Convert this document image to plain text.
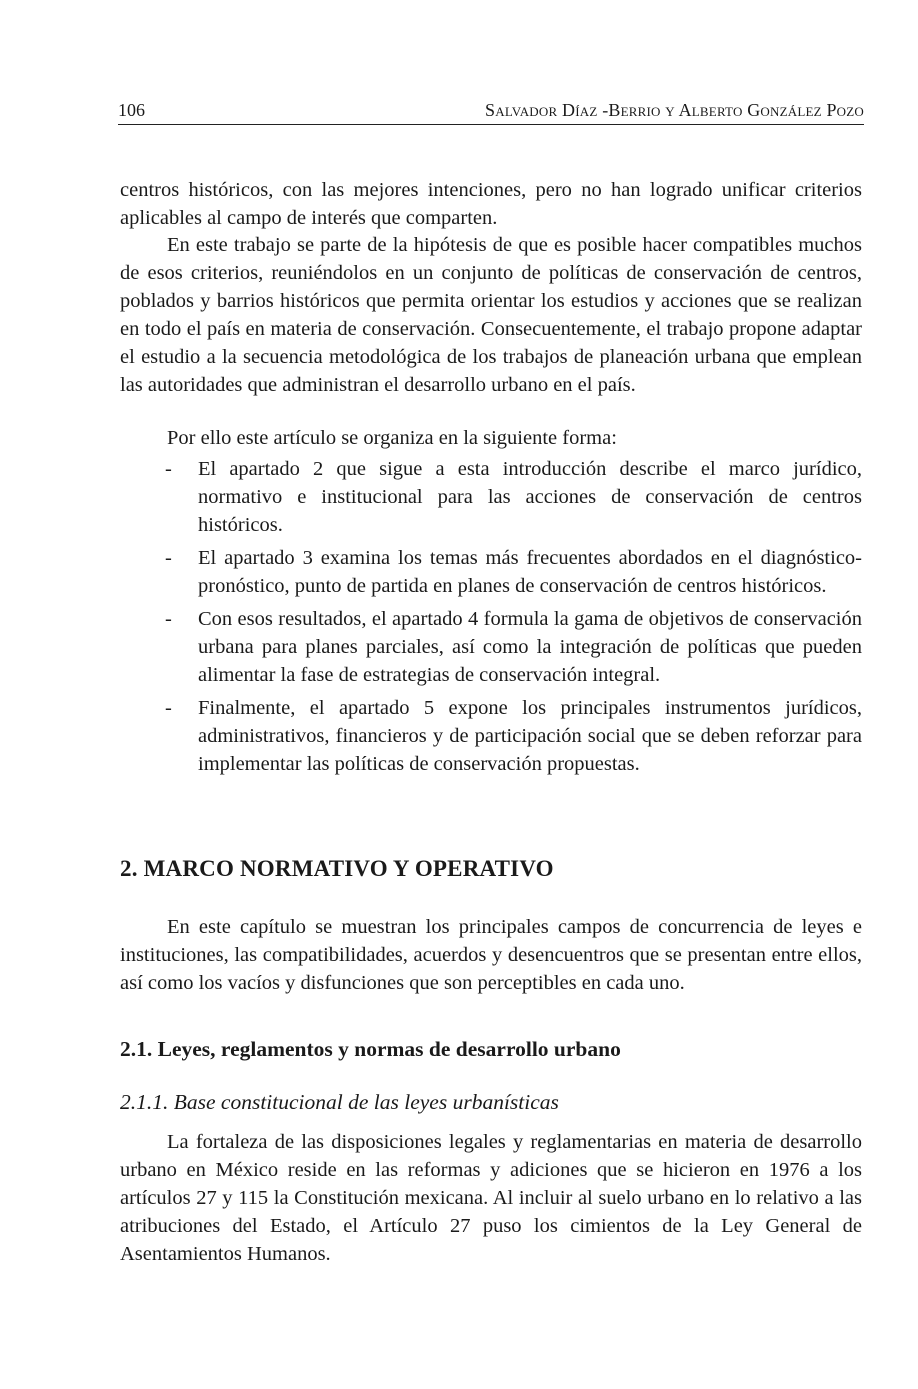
106	Salvador Díaz -Berrio y Alberto González Pozo

centros históricos, con las mejores intenciones, pero no han logrado unificar criterios aplicables al campo de interés que comparten.

En este trabajo se parte de la hipótesis de que es posible hacer compatibles muchos de esos criterios, reuniéndolos en un conjunto de políticas de conservación de centros, poblados y barrios históricos que permita orientar los estudios y acciones que se realizan en todo el país en materia de conservación. Consecuentemente, el trabajo propone adaptar el estudio a la secuencia metodológica de los trabajos de planeación urbana que emplean las autoridades que administran el desarrollo urbano en el país.

Por ello este artículo se organiza en la siguiente forma:

- El apartado 2 que sigue a esta introducción describe el marco jurídico, normativo e institucional para las acciones de conservación de centros históricos.
- El apartado 3 examina los temas más frecuentes abordados en el diagnóstico-pronóstico, punto de partida en planes de conservación de centros históricos.
- Con esos resultados, el apartado 4 formula la gama de objetivos de conservación urbana para planes parciales, así como la integración de políticas que pueden alimentar la fase de estrategias de conservación integral.
- Finalmente, el apartado 5 expone los principales instrumentos jurídicos, administrativos, financieros y de participación social que se deben reforzar para implementar las políticas de conservación propuestas.
2. MARCO NORMATIVO Y OPERATIVO

En este capítulo se muestran los principales campos de concurrencia de leyes e instituciones, las compatibilidades, acuerdos y desencuentros que se presentan entre ellos, así como los vacíos y disfunciones que son perceptibles en cada uno.

2.1. Leyes, reglamentos y normas de desarrollo urbano
2.1.1. Base constitucional de las leyes urbanísticas

La fortaleza de las disposiciones legales y reglamentarias en materia de desarrollo urbano en México reside en las reformas y adiciones que se hicieron en 1976 a los artículos 27 y 115 la Constitución mexicana. Al incluir al suelo urbano en lo relativo a las atribuciones del Estado, el Artículo 27 puso los cimientos de la Ley General de Asentamientos Humanos.
